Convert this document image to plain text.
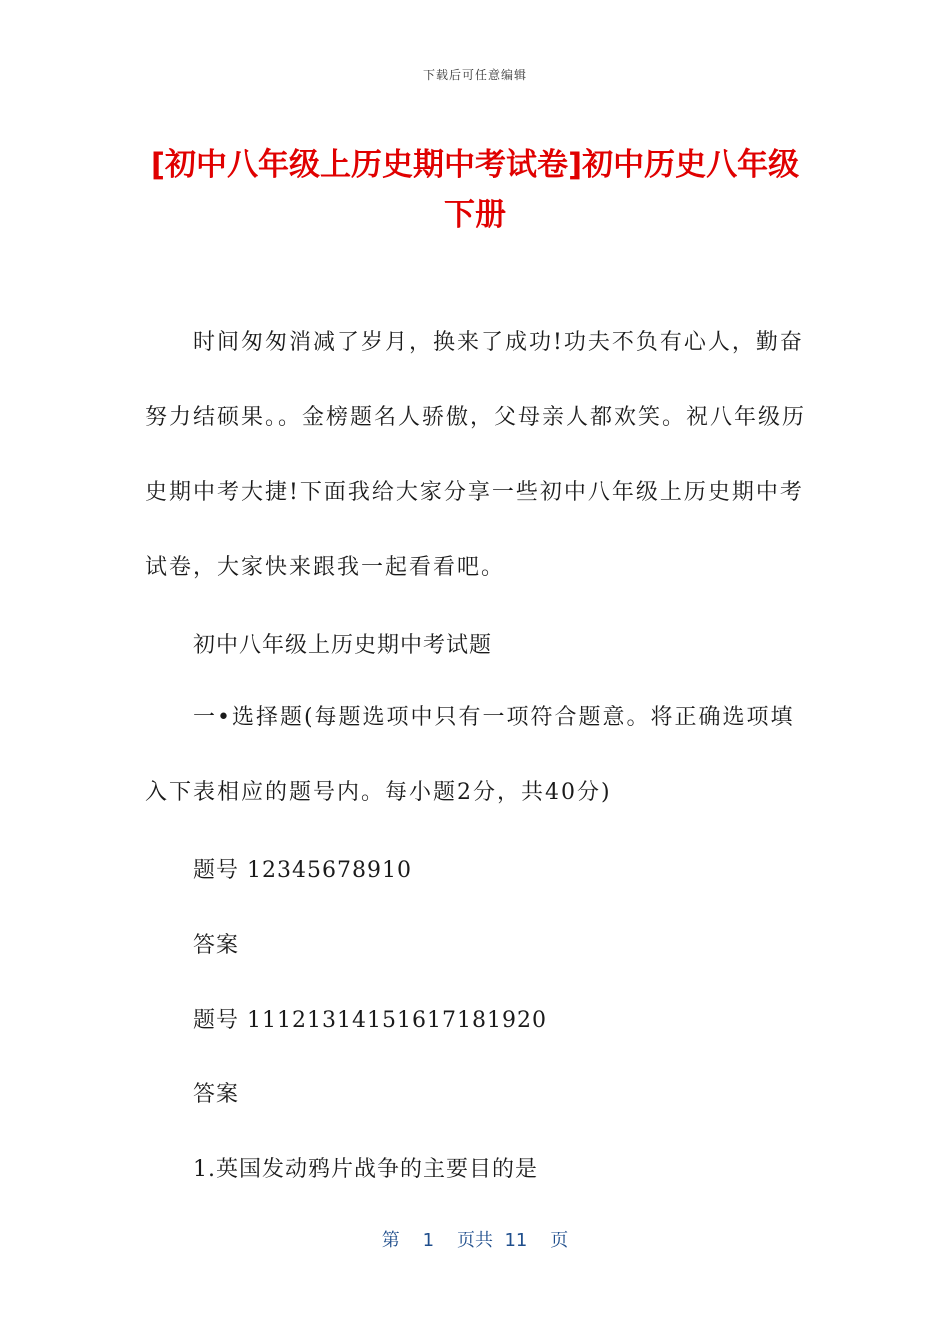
下载后可任意编辑
[初中八年级上历史期中考试卷]初中历史八年级下册

时间匆匆消减了岁月，换来了成功!功夫不负有心人，勤奋努力结硕果。。金榜题名人骄傲，父母亲人都欢笑。祝八年级历史期中考大捷!下面我给大家分享一些初中八年级上历史期中考试卷，大家快来跟我一起看看吧。

初中八年级上历史期中考试题

一•选择题(每题选项中只有一项符合题意。将正确选项填入下表相应的题号内。每小题2分，共40分)

题号 12345678910
答案
题号 11121314151617181920
答案
1.英国发动鸦片战争的主要目的是
第 1 页共 11 页
